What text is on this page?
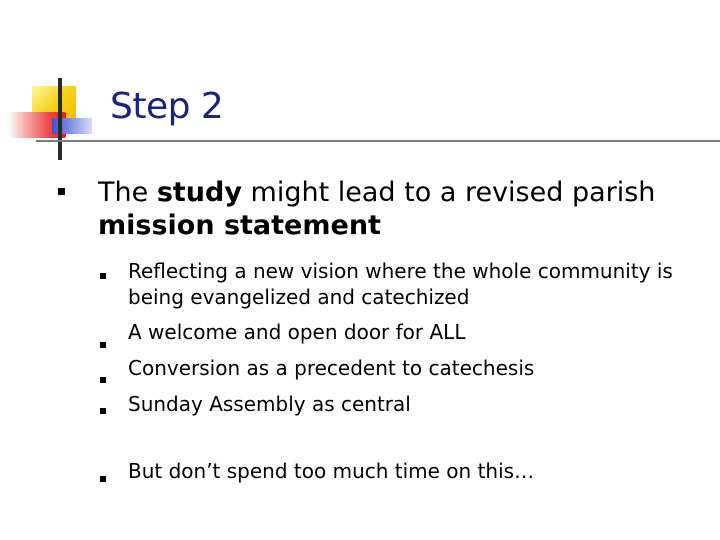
Step 2
The study might lead to a revised parish mission statement
Reflecting a new vision where the whole community is being evangelized and catechized
A welcome and open door for ALL
Conversion as a precedent to catechesis
Sunday Assembly as central
But don’t spend too much time on this…
